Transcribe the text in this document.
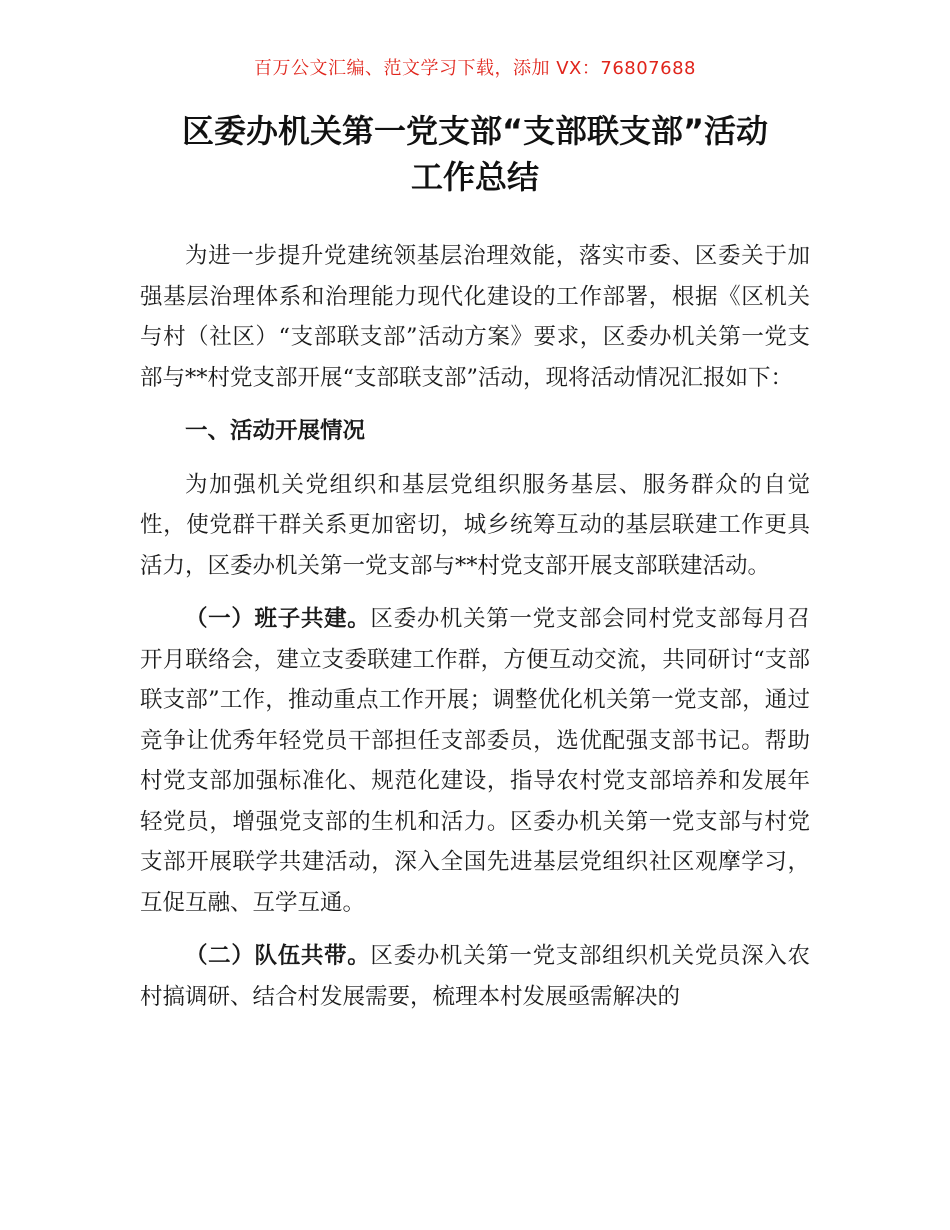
百万公文汇编、范文学习下载，添加 VX：76807688
区委办机关第一党支部“支部联支部”活动
工作总结

为进一步提升党建统领基层治理效能，落实市委、区委关于加强基层治理体系和治理能力现代化建设的工作部署，根据《区机关与村（社区）“支部联支部”活动方案》要求，区委办机关第一党支部与**村党支部开展“支部联支部”活动，现将活动情况汇报如下：

一、活动开展情况

为加强机关党组织和基层党组织服务基层、服务群众的自觉性，使党群干群关系更加密切，城乡统筹互动的基层联建工作更具活力，区委办机关第一党支部与**村党支部开展支部联建活动。

（一）班子共建。区委办机关第一党支部会同村党支部每月召开月联络会，建立支委联建工作群，方便互动交流，共同研讨“支部联支部”工作，推动重点工作开展；调整优化机关第一党支部，通过竞争让优秀年轻党员干部担任支部委员，选优配强支部书记。帮助村党支部加强标准化、规范化建设，指导农村党支部培养和发展年轻党员，增强党支部的生机和活力。区委办机关第一党支部与村党支部开展联学共建活动，深入全国先进基层党组织社区观摩学习，互促互融、互学互通。

（二）队伍共带。区委办机关第一党支部组织机关党员深入农村搞调研、结合村发展需要，梳理本村发展亟需解决的
